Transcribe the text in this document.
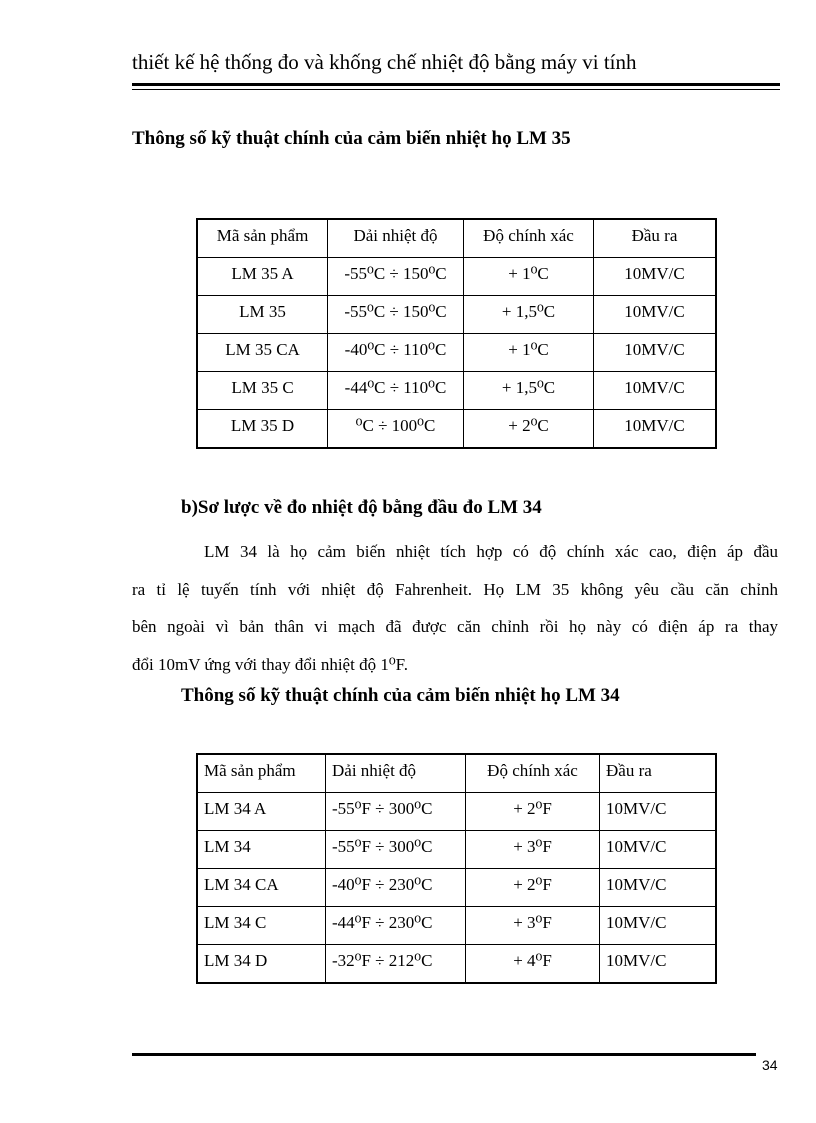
thiết kế hệ thống đo và khống chế nhiệt độ bằng máy vi tính
Thông số kỹ thuật chính của cảm biến nhiệt họ LM 35
Mã sản phẩm	Dải nhiệt độ	Độ chính xác	Đầu ra
LM 35 A	-55⁰C ÷ 150⁰C	+ 1⁰C	10MV/C
LM 35	-55⁰C ÷ 150⁰C	+ 1,5⁰C	10MV/C
LM 35 CA	-40⁰C ÷ 110⁰C	+ 1⁰C	10MV/C
LM 35 C	-44⁰C ÷ 110⁰C	+ 1,5⁰C	10MV/C
LM 35 D	⁰C ÷ 100⁰C	+ 2⁰C	10MV/C
b)Sơ lược về đo nhiệt độ bằng đầu đo LM 34
LM 34 là họ cảm biến nhiệt tích hợp có độ chính xác cao, điện áp đầu
ra tỉ lệ tuyến tính với nhiệt độ Fahrenheit. Họ LM 35 không yêu cầu căn chỉnh
bên ngoài vì bản thân vi mạch đã được căn chỉnh rồi họ này có điện áp ra thay
đổi 10mV ứng với thay đổi nhiệt độ 1⁰F.
Thông số kỹ thuật chính của cảm biến nhiệt họ LM 34
Mã sản phẩm	Dải nhiệt độ	Độ chính xác	Đầu ra
LM 34 A	-55⁰F ÷ 300⁰C	+ 2⁰F	10MV/C
LM 34	-55⁰F ÷ 300⁰C	+ 3⁰F	10MV/C
LM 34 CA	-40⁰F ÷ 230⁰C	+ 2⁰F	10MV/C
LM 34 C	-44⁰F ÷ 230⁰C	+ 3⁰F	10MV/C
LM 34 D	-32⁰F ÷ 212⁰C	+ 4⁰F	10MV/C
34
